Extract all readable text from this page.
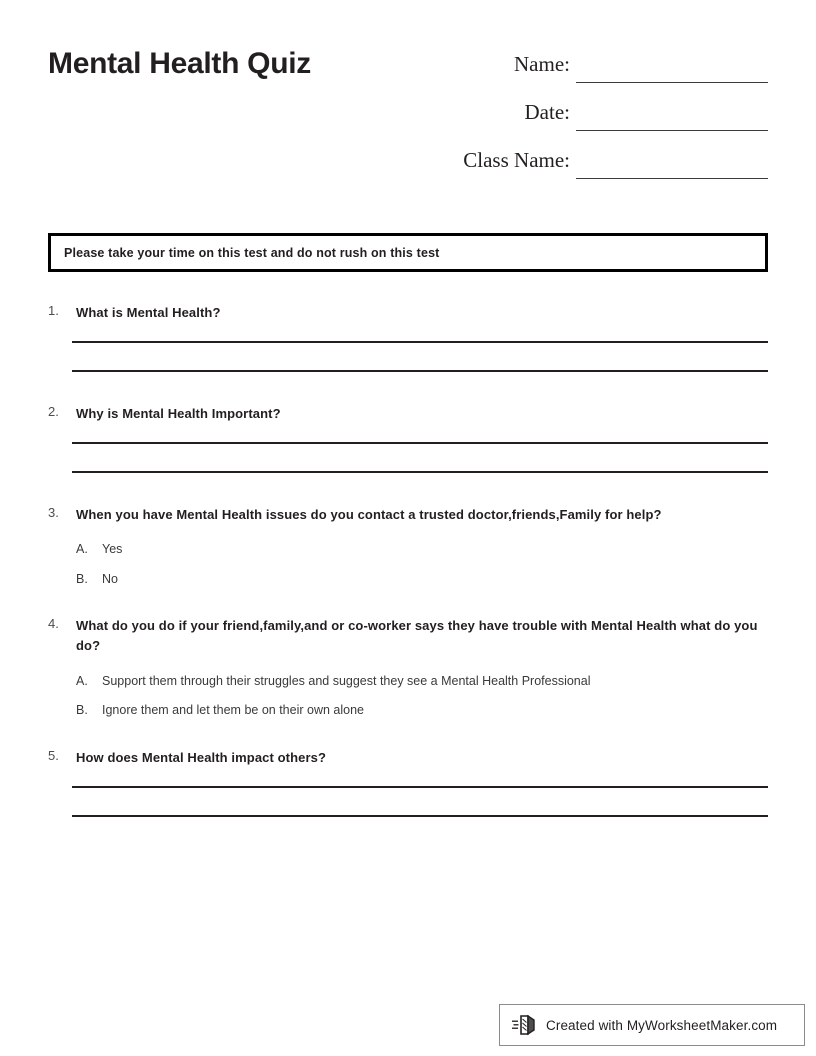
Mental Health Quiz	Name:
Date:
Class Name:
Please take your time on this test and do not rush on this test
1.	What is Mental Health?
2.	Why is Mental Health Important?
3.	When you have Mental Health issues do you contact a trusted doctor,friends,Family for help?
A. Yes
B. No
4.	What do you do if your friend,family,and or co-worker says they have trouble with Mental Health what do you do?
A. Support them through their struggles and suggest they see a Mental Health Professional
B. Ignore them and let them be on their own alone
5.	How does Mental Health impact others?
Created with MyWorksheetMaker.com
